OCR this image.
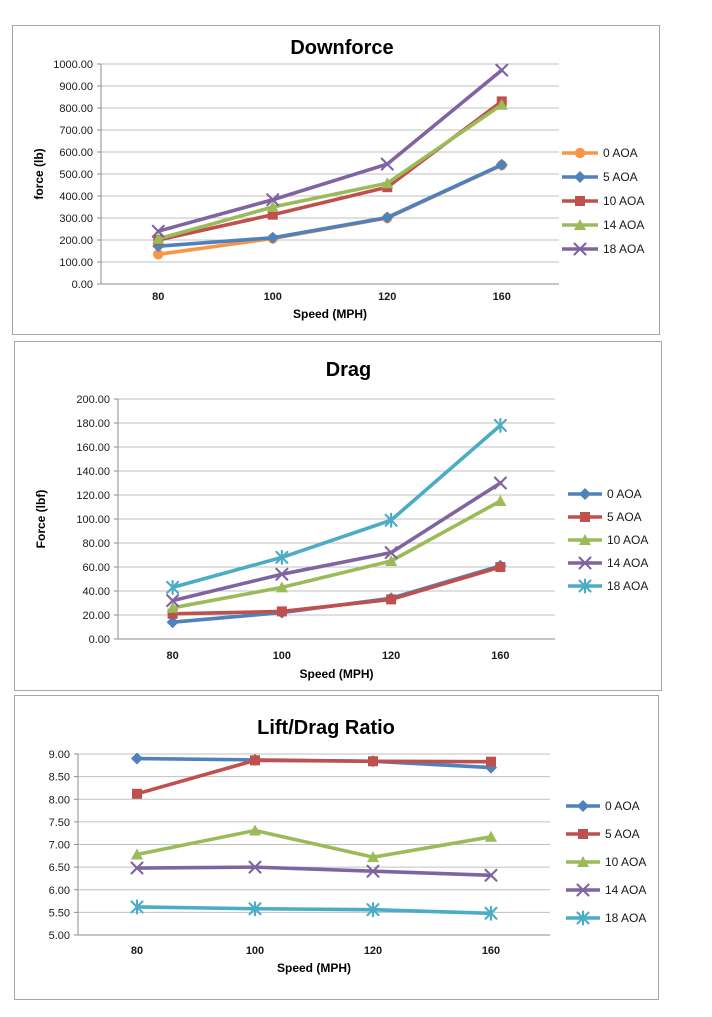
1000.00
900.00
800.00
700.00
600.00
500.00
400.00
300.00
200.00
100.00
0.00
80	100	120	160
Downforce
force (lb)
Speed (MPH)
0 AOA
5 AOA
10 AOA
14 AOA
18 AOA
200.00
180.00
160.00
140.00
120.00
100.00
80.00
60.00
40.00
20.00
0.00
80	100	120	160
Drag
Force (lbf)
Speed (MPH)
0 AOA
5 AOA
10 AOA
14 AOA
18 AOA
9.00
8.50
8.00
7.50
7.00
6.50
6.00
5.50
5.00
80	100	120	160
Lift/Drag Ratio
Speed (MPH)
0 AOA
5 AOA
10 AOA
14 AOA
18 AOA
